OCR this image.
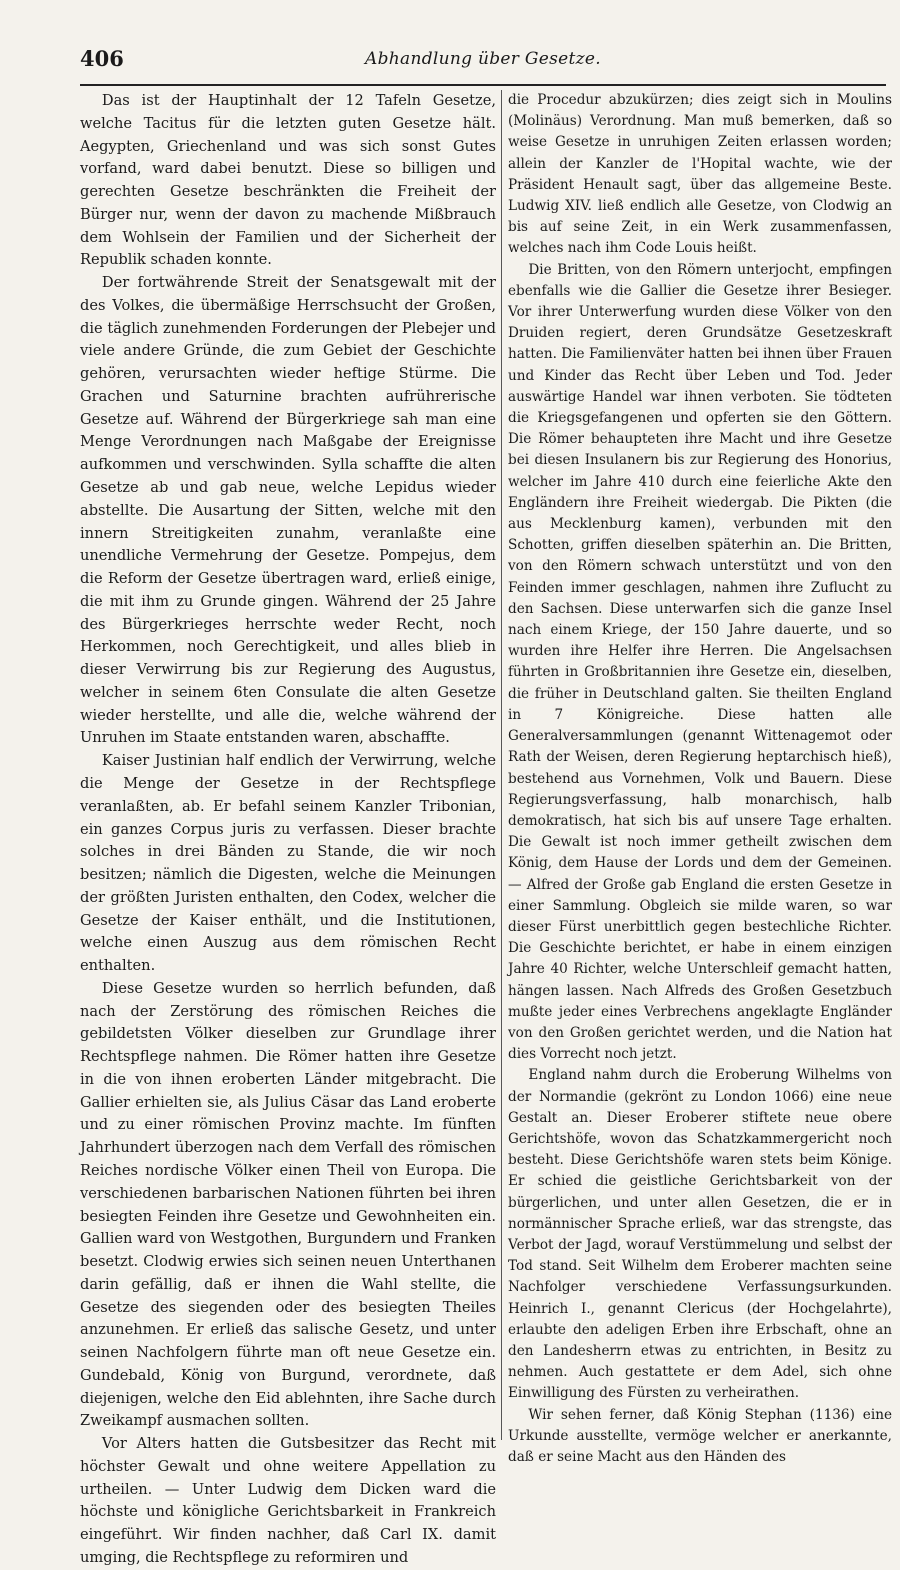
406	Abhandlung über Gesetze.

Das ist der Hauptinhalt der 12 Tafeln Gesetze, welche Tacitus für die letzten guten Gesetze hält. Aegypten, Griechenland und was sich sonst Gutes vorfand, ward dabei benutzt. Diese so billigen und gerechten Gesetze beschränkten die Freiheit der Bürger nur, wenn der davon zu machende Mißbrauch dem Wohlsein der Familien und der Sicherheit der Republik schaden konnte.

Der fortwährende Streit der Senatsgewalt mit der des Volkes, die übermäßige Herrschsucht der Großen, die täglich zunehmenden Forderungen der Plebejer und viele andere Gründe, die zum Gebiet der Geschichte gehören, verursachten wieder heftige Stürme. Die Grachen und Saturnine brachten aufrührerische Gesetze auf. Während der Bürgerkriege sah man eine Menge Verordnungen nach Maßgabe der Ereignisse aufkommen und verschwinden. Sylla schaffte die alten Gesetze ab und gab neue, welche Lepidus wieder abstellte. Die Ausartung der Sitten, welche mit den innern Streitigkeiten zunahm, veranlaßte eine unendliche Vermehrung der Gesetze. Pompejus, dem die Reform der Gesetze übertragen ward, erließ einige, die mit ihm zu Grunde gingen. Während der 25 Jahre des Bürgerkrieges herrschte weder Recht, noch Herkommen, noch Gerechtigkeit, und alles blieb in dieser Verwirrung bis zur Regierung des Augustus, welcher in seinem 6ten Consulate die alten Gesetze wieder herstellte, und alle die, welche während der Unruhen im Staate entstanden waren, abschaffte.

Kaiser Justinian half endlich der Verwirrung, welche die Menge der Gesetze in der Rechtspflege veranlaßten, ab. Er befahl seinem Kanzler Tribonian, ein ganzes Corpus juris zu verfassen. Dieser brachte solches in drei Bänden zu Stande, die wir noch besitzen; nämlich die Digesten, welche die Meinungen der größten Juristen enthalten, den Codex, welcher die Gesetze der Kaiser enthält, und die Institutionen, welche einen Auszug aus dem römischen Recht enthalten.

Diese Gesetze wurden so herrlich befunden, daß nach der Zerstörung des römischen Reiches die gebildetsten Völker dieselben zur Grundlage ihrer Rechtspflege nahmen. Die Römer hatten ihre Gesetze in die von ihnen eroberten Länder mitgebracht. Die Gallier erhielten sie, als Julius Cäsar das Land eroberte und zu einer römischen Provinz machte. Im fünften Jahrhundert überzogen nach dem Verfall des römischen Reiches nordische Völker einen Theil von Europa. Die verschiedenen barbarischen Nationen führten bei ihren besiegten Feinden ihre Gesetze und Gewohnheiten ein. Gallien ward von Westgothen, Burgundern und Franken besetzt. Clodwig erwies sich seinen neuen Unterthanen darin gefällig, daß er ihnen die Wahl stellte, die Gesetze des siegenden oder des besiegten Theiles anzunehmen. Er erließ das salische Gesetz, und unter seinen Nachfolgern führte man oft neue Gesetze ein. Gundebald, König von Burgund, verordnete, daß diejenigen, welche den Eid ablehnten, ihre Sache durch Zweikampf ausmachen sollten.

Vor Alters hatten die Gutsbesitzer das Recht mit höchster Gewalt und ohne weitere Appellation zu urtheilen. — Unter Ludwig dem Dicken ward die höchste und königliche Gerichtsbarkeit in Frankreich eingeführt. Wir finden nachher, daß Carl IX. damit umging, die Rechtspflege zu reformiren und

die Procedur abzukürzen; dies zeigt sich in Moulins (Molinäus) Verordnung. Man muß bemerken, daß so weise Gesetze in unruhigen Zeiten erlassen worden; allein der Kanzler de l'Hopital wachte, wie der Präsident Henault sagt, über das allgemeine Beste. Ludwig XIV. ließ endlich alle Gesetze, von Clodwig an bis auf seine Zeit, in ein Werk zusammenfassen, welches nach ihm Code Louis heißt.

Die Britten, von den Römern unterjocht, empfingen ebenfalls wie die Gallier die Gesetze ihrer Besieger. Vor ihrer Unterwerfung wurden diese Völker von den Druiden regiert, deren Grundsätze Gesetzeskraft hatten. Die Familienväter hatten bei ihnen über Frauen und Kinder das Recht über Leben und Tod. Jeder auswärtige Handel war ihnen verboten. Sie tödteten die Kriegsgefangenen und opferten sie den Göttern. Die Römer behaupteten ihre Macht und ihre Gesetze bei diesen Insulanern bis zur Regierung des Honorius, welcher im Jahre 410 durch eine feierliche Akte den Engländern ihre Freiheit wiedergab. Die Pikten (die aus Mecklenburg kamen), verbunden mit den Schotten, griffen dieselben späterhin an. Die Britten, von den Römern schwach unterstützt und von den Feinden immer geschlagen, nahmen ihre Zuflucht zu den Sachsen. Diese unterwarfen sich die ganze Insel nach einem Kriege, der 150 Jahre dauerte, und so wurden ihre Helfer ihre Herren. Die Angelsachsen führten in Großbritannien ihre Gesetze ein, dieselben, die früher in Deutschland galten. Sie theilten England in 7 Königreiche. Diese hatten alle Generalversammlungen (genannt Wittenagemot oder Rath der Weisen, deren Regierung heptarchisch hieß), bestehend aus Vornehmen, Volk und Bauern. Diese Regierungsverfassung, halb monarchisch, halb demokratisch, hat sich bis auf unsere Tage erhalten. Die Gewalt ist noch immer getheilt zwischen dem König, dem Hause der Lords und dem der Gemeinen. — Alfred der Große gab England die ersten Gesetze in einer Sammlung. Obgleich sie milde waren, so war dieser Fürst unerbittlich gegen bestechliche Richter. Die Geschichte berichtet, er habe in einem einzigen Jahre 40 Richter, welche Unterschleif gemacht hatten, hängen lassen. Nach Alfreds des Großen Gesetzbuch mußte jeder eines Verbrechens angeklagte Engländer von den Großen gerichtet werden, und die Nation hat dies Vorrecht noch jetzt.

England nahm durch die Eroberung Wilhelms von der Normandie (gekrönt zu London 1066) eine neue Gestalt an. Dieser Eroberer stiftete neue obere Gerichtshöfe, wovon das Schatzkammergericht noch besteht. Diese Gerichtshöfe waren stets beim Könige. Er schied die geistliche Gerichtsbarkeit von der bürgerlichen, und unter allen Gesetzen, die er in normännischer Sprache erließ, war das strengste, das Verbot der Jagd, worauf Verstümmelung und selbst der Tod stand. Seit Wilhelm dem Eroberer machten seine Nachfolger verschiedene Verfassungsurkunden. Heinrich I., genannt Clericus (der Hochgelahrte), erlaubte den adeligen Erben ihre Erbschaft, ohne an den Landesherrn etwas zu entrichten, in Besitz zu nehmen. Auch gestattete er dem Adel, sich ohne Einwilligung des Fürsten zu verheirathen.

Wir sehen ferner, daß König Stephan (1136) eine Urkunde ausstellte, vermöge welcher er anerkannte, daß er seine Macht aus den Händen des
